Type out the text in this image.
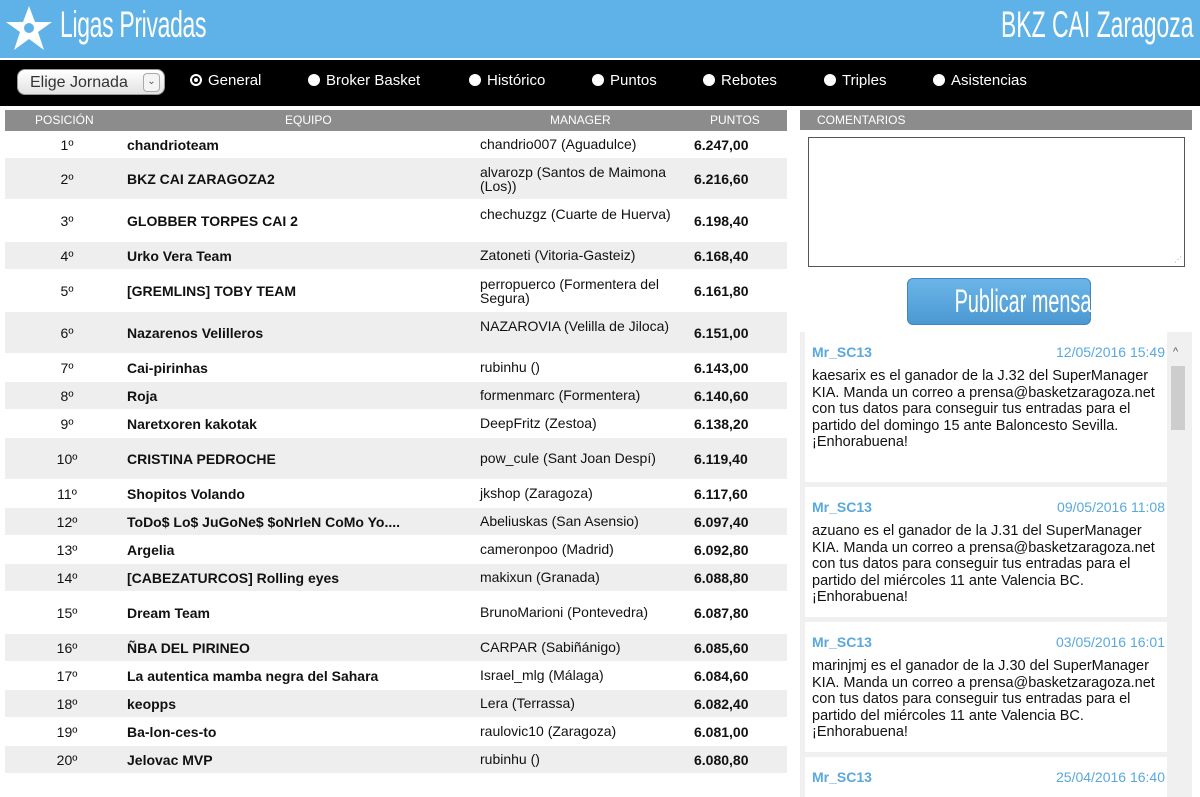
Ligas Privadas	BKZ CAI Zaragoza
Elige Jornada	⌄	General	Broker Basket	Histórico	Puntos	Rebotes	Triples	Asistencias
POSICIÓN	EQUIPO	MANAGER	PUNTOS
1º	chandrioteam	chandrio007 (Aguadulce)	6.247,00
2º	BKZ CAI ZARAGOZA2	alvarozp (Santos de Maimona (Los))	6.216,60
3º	GLOBBER TORPES CAI 2	chechuzgz (Cuarte de Huerva)	6.198,40
4º	Urko Vera Team	Zatoneti (Vitoria-Gasteiz)	6.168,40
5º	[GREMLINS] TOBY TEAM	perropuerco (Formentera del Segura)	6.161,80
6º	Nazarenos Velilleros	NAZAROVIA (Velilla de Jiloca)	6.151,00
7º	Cai-pirinhas	rubinhu ()	6.143,00
8º	Roja	formenmarc (Formentera)	6.140,60
9º	Naretxoren kakotak	DeepFritz (Zestoa)	6.138,20
10º	CRISTINA PEDROCHE	pow_cule (Sant Joan Despí)	6.119,40
11º	Shopitos Volando	jkshop (Zaragoza)	6.117,60
12º	ToDo$ Lo$ JuGoNe$ $oNrleN CoMo Yo....	Abeliuskas (San Asensio)	6.097,40
13º	Argelia	cameronpoo (Madrid)	6.092,80
14º	[CABEZATURCOS] Rolling eyes	makixun (Granada)	6.088,80
15º	Dream Team	BrunoMarioni (Pontevedra)	6.087,80
16º	ÑBA DEL PIRINEO	CARPAR (Sabiñánigo)	6.085,60
17º	La autentica mamba negra del Sahara	Israel_mlg (Málaga)	6.084,60
18º	keopps	Lera (Terrassa)	6.082,40
19º	Ba-lon-ces-to	raulovic10 (Zaragoza)	6.081,00
20º	Jelovac MVP	rubinhu ()	6.080,80
COMENTARIOS
⋰
Publicar mensaje
Mr_SC13	12/05/2016 15:49
kaesarix es el ganador de la J.32 del SuperManager KIA. Manda un correo a prensa@basketzaragoza.net con tus datos para conseguir tus entradas para el partido del domingo 15 ante Baloncesto Sevilla. ¡Enhorabuena!
Mr_SC13	09/05/2016 11:08
azuano es el ganador de la J.31 del SuperManager KIA. Manda un correo a prensa@basketzaragoza.net con tus datos para conseguir tus entradas para el partido del miércoles 11 ante Valencia BC. ¡Enhorabuena!
Mr_SC13	03/05/2016 16:01
marinjmj es el ganador de la J.30 del SuperManager KIA. Manda un correo a prensa@basketzaragoza.net con tus datos para conseguir tus entradas para el partido del miércoles 11 ante Valencia BC. ¡Enhorabuena!
Mr_SC13	25/04/2016 16:40
^
